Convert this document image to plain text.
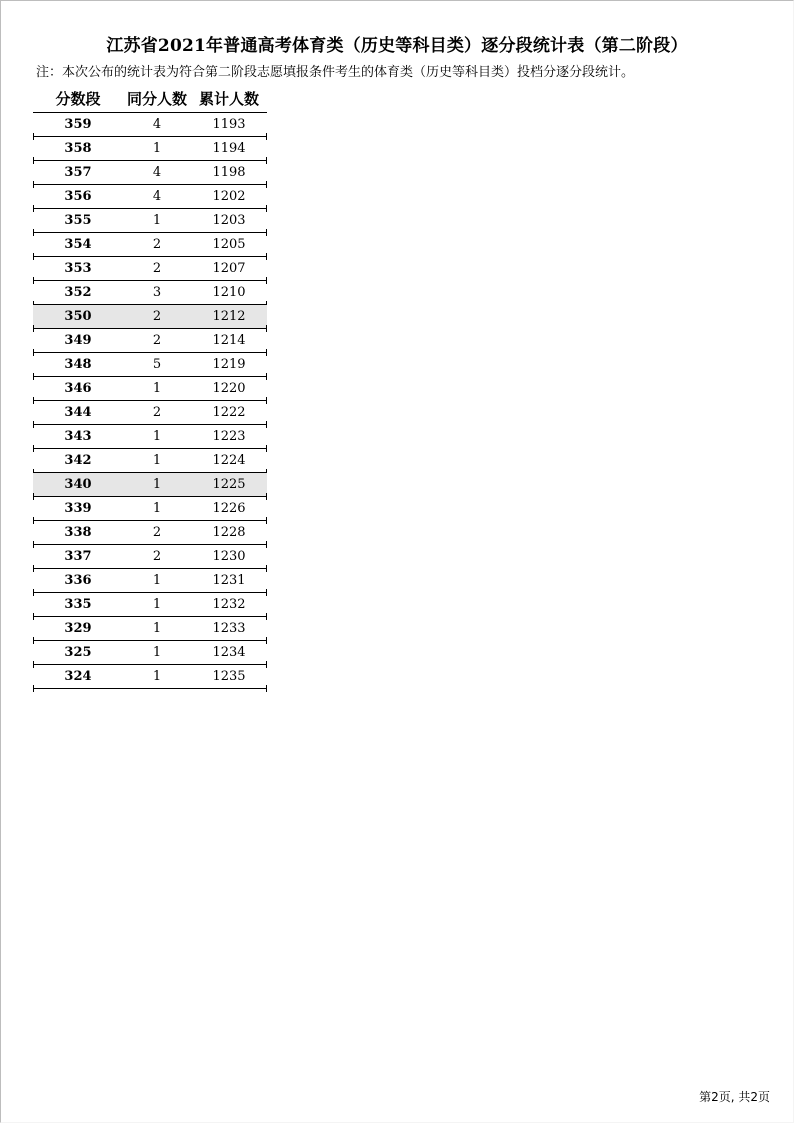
江苏省2021年普通高考体育类（历史等科目类）逐分段统计表（第二阶段）
注：本次公布的统计表为符合第二阶段志愿填报条件考生的体育类（历史等科目类）投档分逐分段统计。
分数段	同分人数 累计人数
359	4	1193
358	1	1194
357	4	1198
356	4	1202
355	1	1203
354	2	1205
353	2	1207
352	3	1210
350	2	1212
349	2	1214
348	5	1219
346	1	1220
344	2	1222
343	1	1223
342	1	1224
340	1	1225
339	1	1226
338	2	1228
337	2	1230
336	1	1231
335	1	1232
329	1	1233
325	1	1234
324	1	1235
第2页, 共2页
